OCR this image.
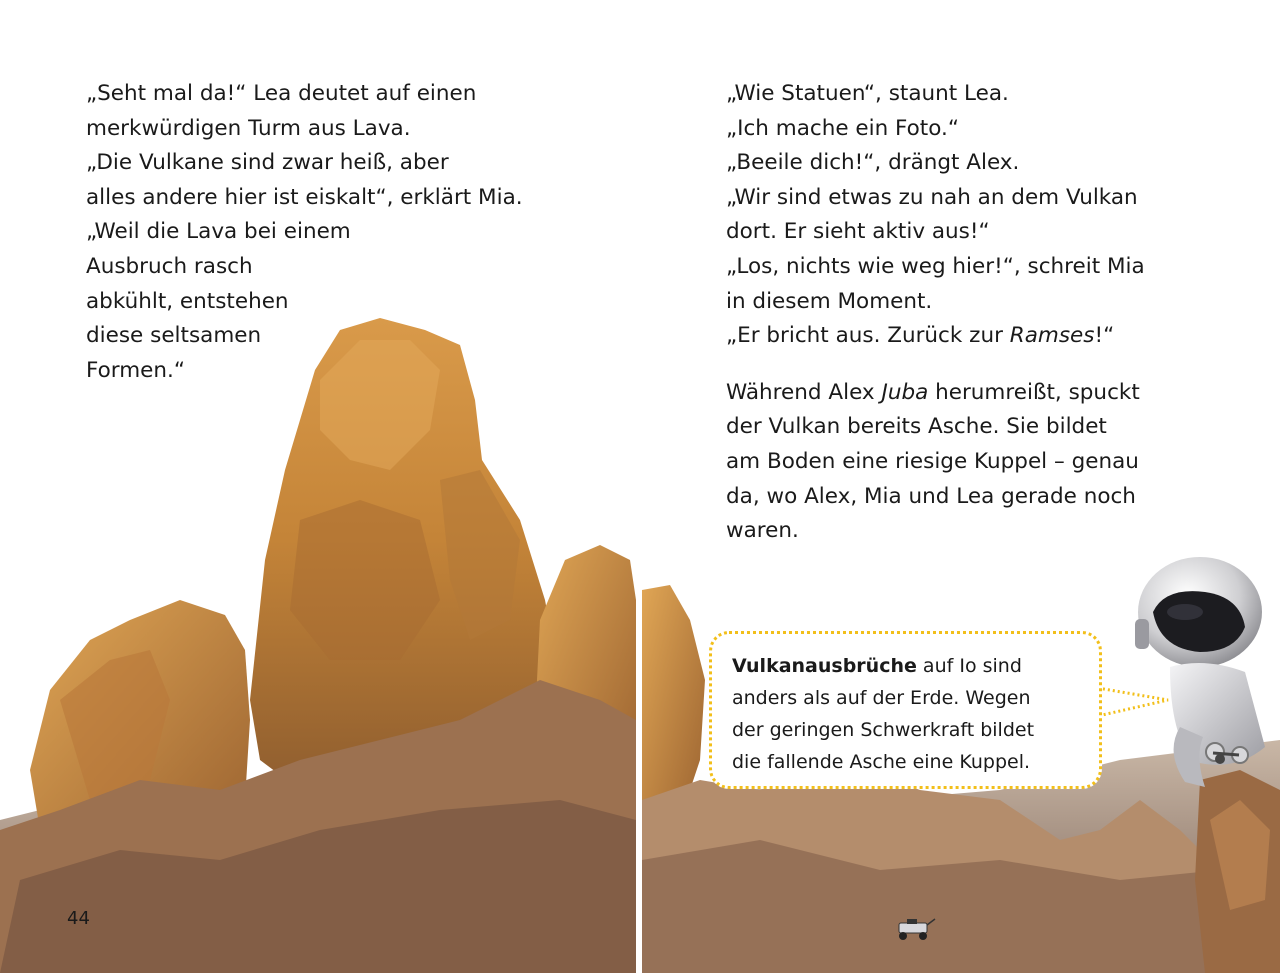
„Seht mal da!“ Lea deutet auf einen
merkwürdigen Turm aus Lava.
„Die Vulkane sind zwar heiß, aber
alles andere hier ist eiskalt“, erklärt Mia.
„Weil die Lava bei einem
Ausbruch rasch
abkühlt, entstehen
diese seltsamen
Formen.“

„Wie Statuen“, staunt Lea.
„Ich mache ein Foto.“
„Beeile dich!“, drängt Alex.
„Wir sind etwas zu nah an dem Vulkan
dort. Er sieht aktiv aus!“
„Los, nichts wie weg hier!“, schreit Mia
in diesem Moment.
„Er bricht aus. Zurück zur Ramses!“

Während Alex Juba herumreißt, spuckt
der Vulkan bereits Asche. Sie bildet
am Boden eine riesige Kuppel – genau
da, wo Alex, Mia und Lea gerade noch
waren.

Vulkanausbrüche auf Io sind
anders als auf der Erde. Wegen
der geringen Schwerkraft bildet
die fallende Asche eine Kuppel.
44
